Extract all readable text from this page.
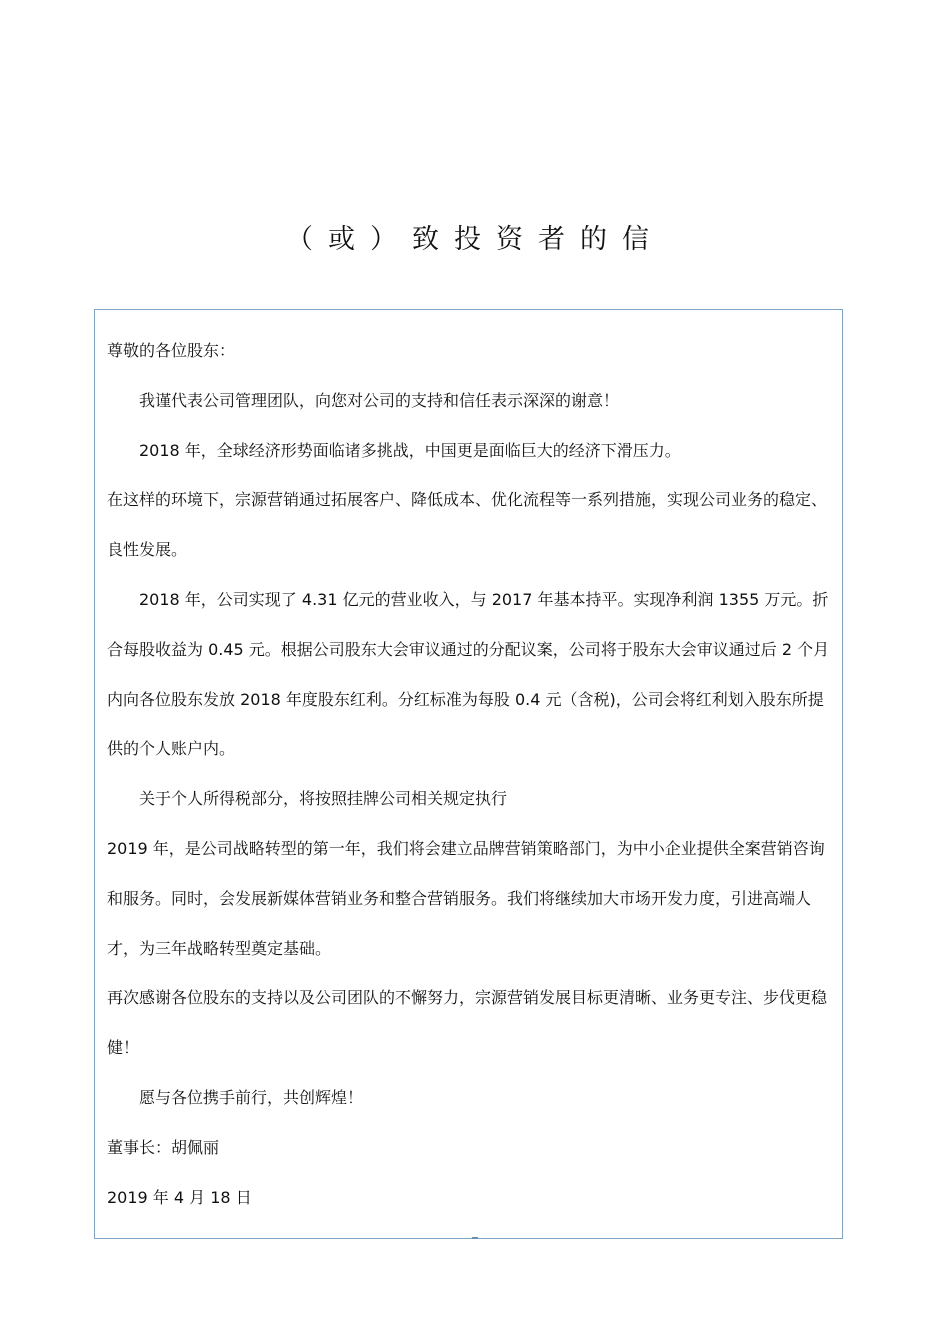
（或）致投资者的信

尊敬的各位股东：

我谨代表公司管理团队，向您对公司的支持和信任表示深深的谢意！

2018 年，全球经济形势面临诸多挑战，中国更是面临巨大的经济下滑压力。

在这样的环境下，宗源营销通过拓展客户、降低成本、优化流程等一系列措施，实现公司业务的稳定、良性发展。

2018 年，公司实现了 4.31 亿元的营业收入，与 2017 年基本持平。实现净利润 1355 万元。折合每股收益为 0.45 元。根据公司股东大会审议通过的分配议案，公司将于股东大会审议通过后 2 个月内向各位股东发放 2018 年度股东红利。分红标准为每股 0.4 元（含税)，公司会将红利划入股东所提供的个人账户内。

关于个人所得税部分，将按照挂牌公司相关规定执行

2019 年，是公司战略转型的第一年，我们将会建立品牌营销策略部门，为中小企业提供全案营销咨询和服务。同时，会发展新媒体营销业务和整合营销服务。我们将继续加大市场开发力度，引进高端人才，为三年战略转型奠定基础。

再次感谢各位股东的支持以及公司团队的不懈努力，宗源营销发展目标更清晰、业务更专注、步伐更稳健！

愿与各位携手前行，共创辉煌！

董事长：胡佩丽

2019 年 4 月 18 日
